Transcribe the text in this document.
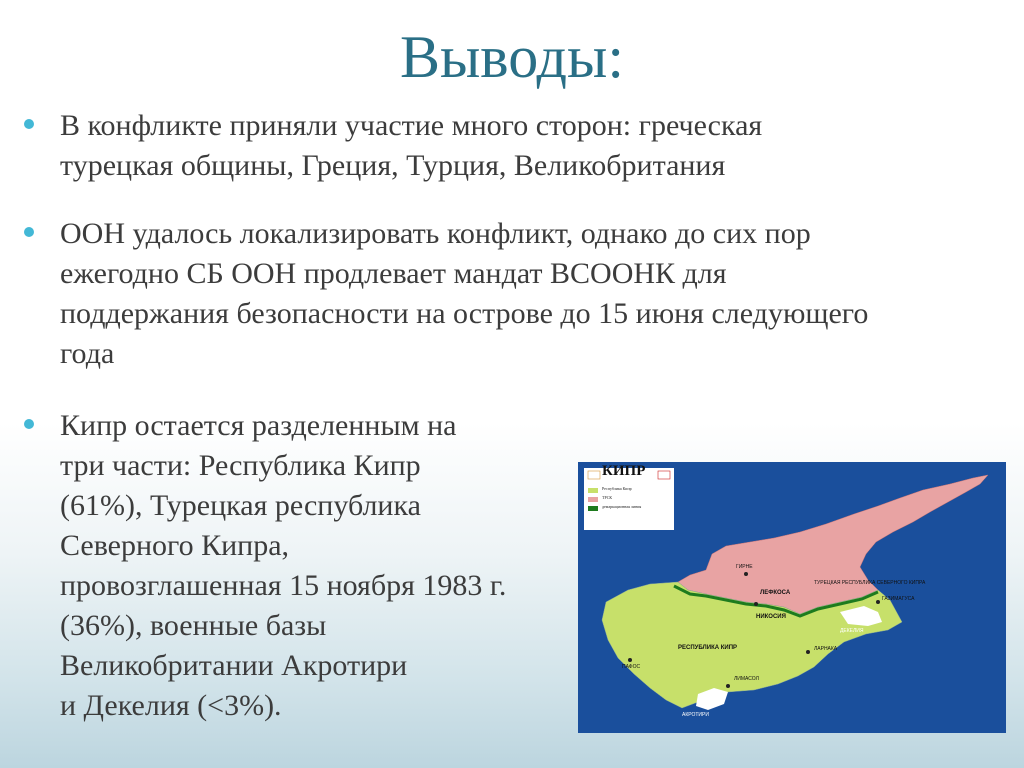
Выводы:
В конфликте приняли участие много сторон: греческая
турецкая общины, Греция, Турция, Великобритания
ООН удалось локализировать конфликт, однако до сих пор
ежегодно СБ ООН продлевает мандат ВСООНК для
поддержания безопасности на острове до 15 июня следующего
года
Кипр остается разделенным на
три части: Республика Кипр
(61%), Турецкая республика
Северного Кипра,
провозглашенная 15 ноября 1983 г.
(36%), военные базы
Великобритании Акротири
и Декелия (<3%).
КИПР
Республика Кипр
ТРСК
демаркационная линия
РЕСПУБЛИКА КИПР
НИКОСИЯ
ЛЕФКОСА
ТУРЕЦКАЯ РЕСПУБЛИКА СЕВЕРНОГО КИПРА
ПАФОС
ЛИМАСОЛ
ЛАРНАКА
ГАЗИМАГУСА
ГИРНЕ
АКРОТИРИ
ДЕКЕЛИЯ
